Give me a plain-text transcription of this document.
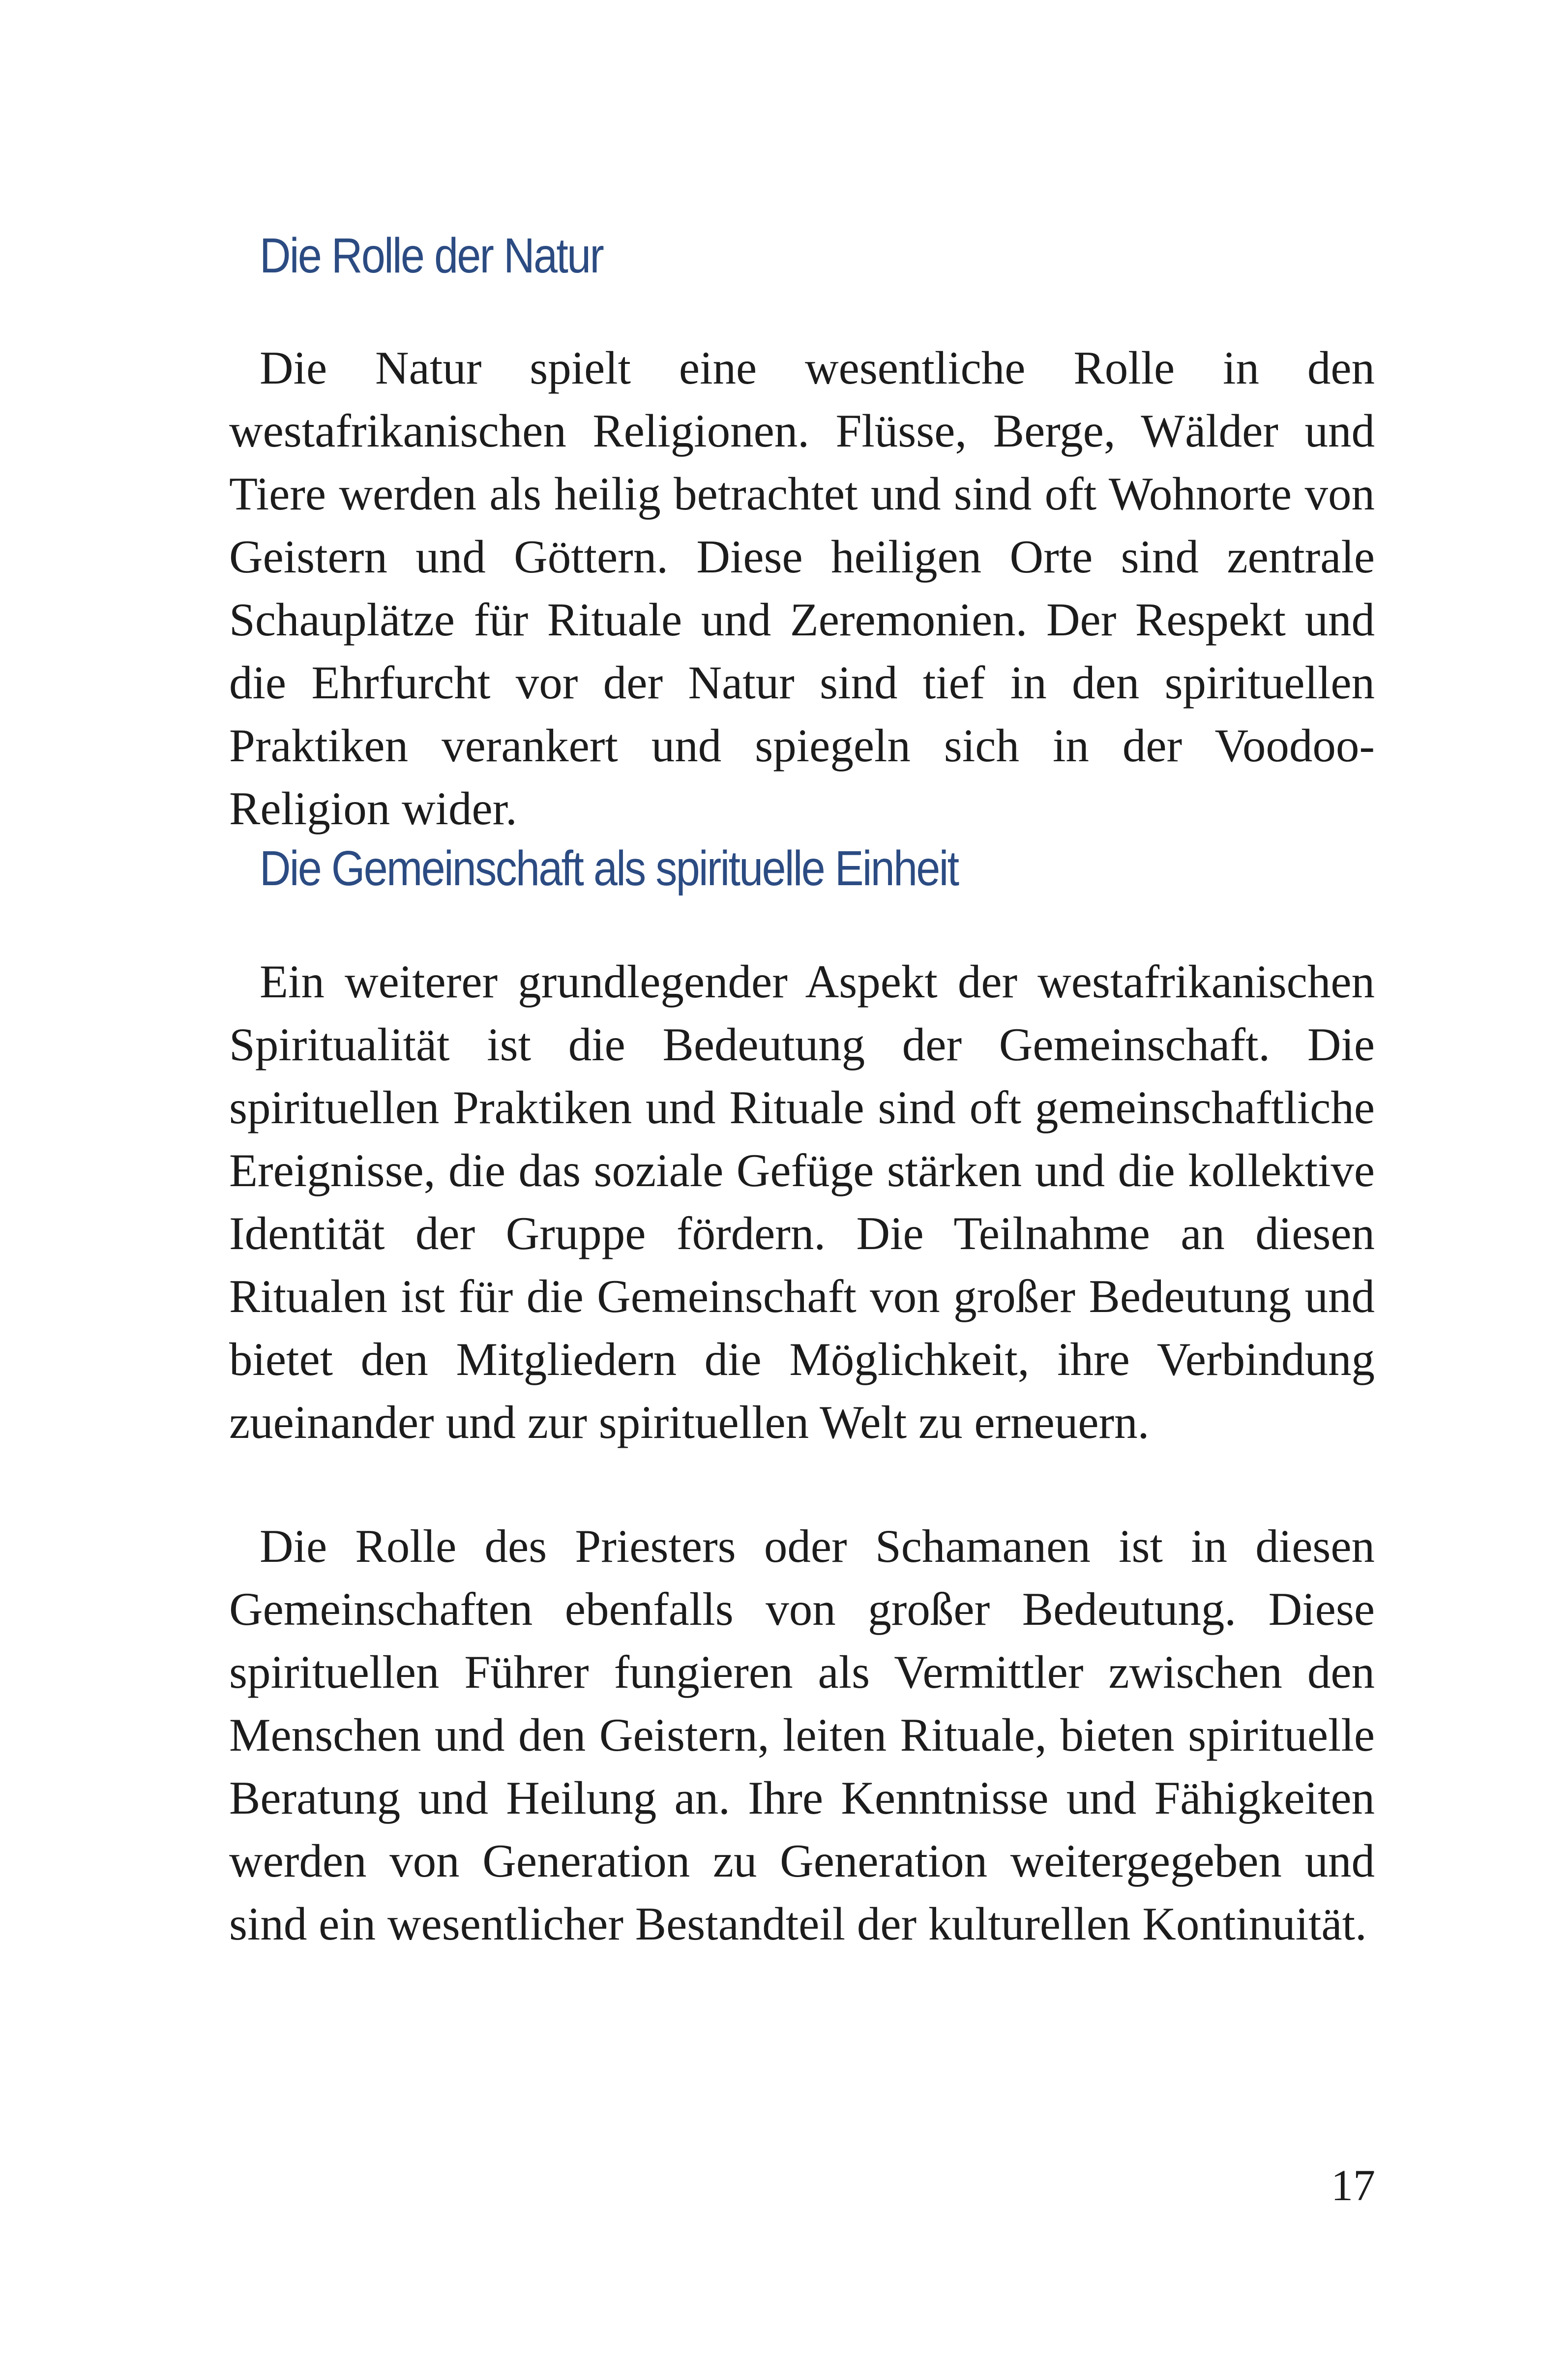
Die Rolle der Natur

Die Natur spielt eine wesentliche Rolle in den westafrikanischen Religionen. Flüsse, Berge, Wälder und Tiere werden als heilig betrachtet und sind oft Wohnorte von Geistern und Göttern. Diese heiligen Orte sind zentrale Schauplätze für Rituale und Zeremonien. Der Respekt und die Ehrfurcht vor der Natur sind tief in den spirituellen Praktiken verankert und spiegeln sich in der Voodoo-Religion wider.

Die Gemeinschaft als spirituelle Einheit

Ein weiterer grundlegender Aspekt der westafrikanischen Spiritualität ist die Bedeutung der Gemeinschaft. Die spirituellen Praktiken und Rituale sind oft gemeinschaftliche Ereignisse, die das soziale Gefüge stärken und die kollektive Identität der Gruppe fördern. Die Teilnahme an diesen Ritualen ist für die Gemeinschaft von großer Bedeutung und bietet den Mitgliedern die Möglichkeit, ihre Verbindung zueinander und zur spirituellen Welt zu erneuern.

Die Rolle des Priesters oder Schamanen ist in diesen Gemeinschaften ebenfalls von großer Bedeutung. Diese spirituellen Führer fungieren als Vermittler zwischen den Menschen und den Geistern, leiten Rituale, bieten spirituelle Beratung und Heilung an. Ihre Kenntnisse und Fähigkeiten werden von Generation zu Generation weitergegeben und sind ein wesentlicher Bestandteil der kulturellen Kontinuität.

17
